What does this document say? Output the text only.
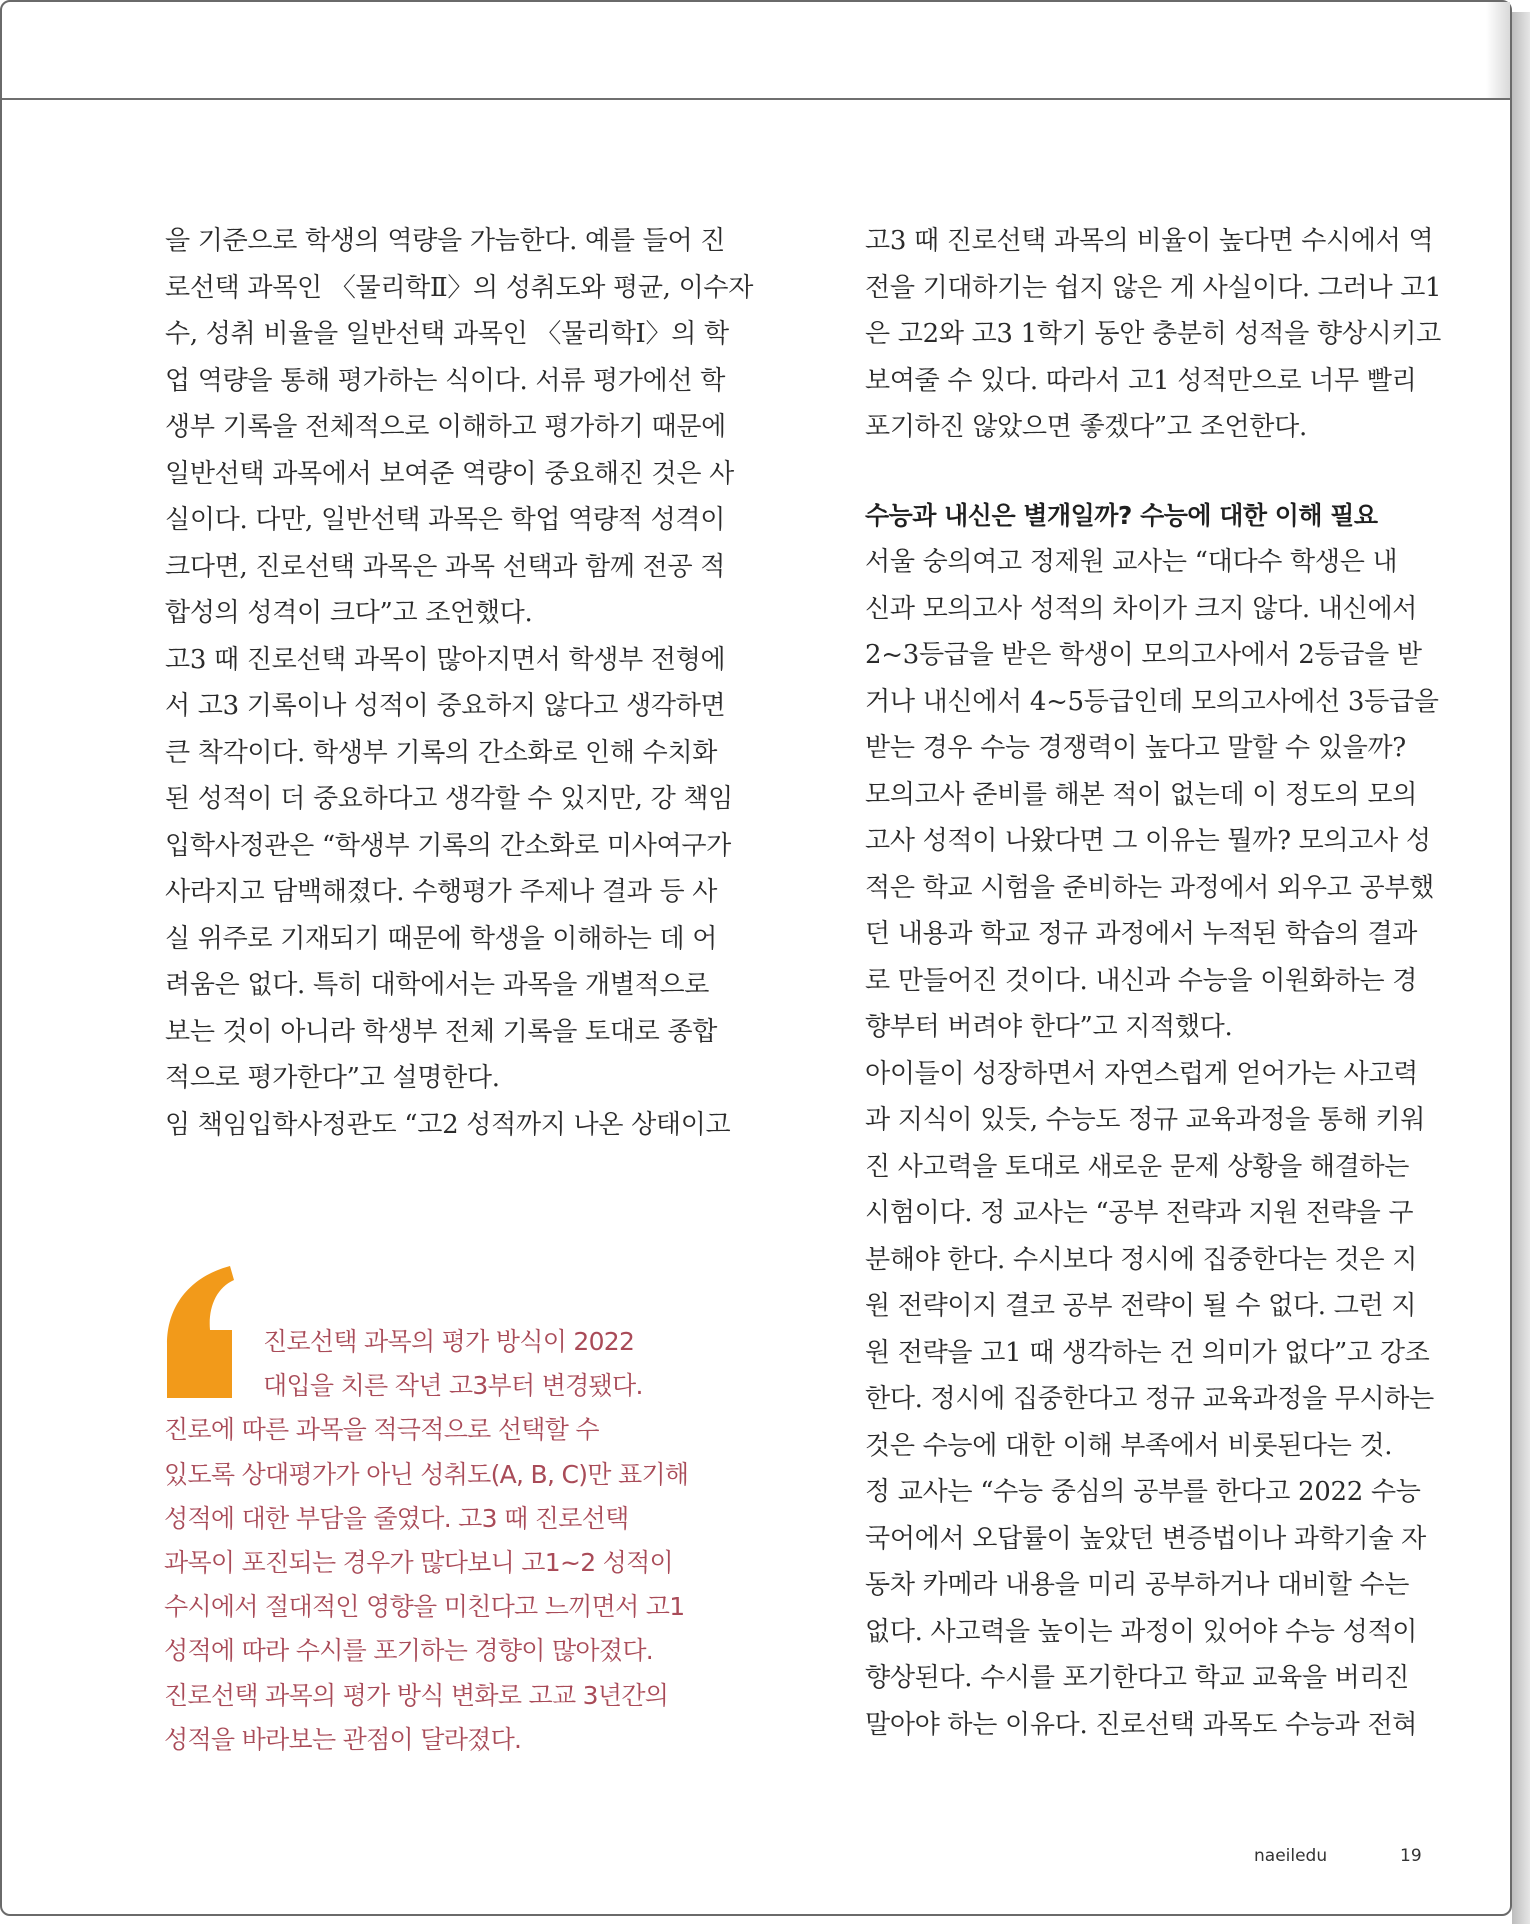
을 기준으로 학생의 역량을 가늠한다. 예를 들어 진

로선택 과목인 〈물리학Ⅱ〉의 성취도와 평균, 이수자

수, 성취 비율을 일반선택 과목인 〈물리학Ⅰ〉의 학

업 역량을 통해 평가하는 식이다. 서류 평가에선 학

생부 기록을 전체적으로 이해하고 평가하기 때문에

일반선택 과목에서 보여준 역량이 중요해진 것은 사

실이다. 다만, 일반선택 과목은 학업 역량적 성격이

크다면, 진로선택 과목은 과목 선택과 함께 전공 적

합성의 성격이 크다”고 조언했다.

고3 때 진로선택 과목이 많아지면서 학생부 전형에

서 고3 기록이나 성적이 중요하지 않다고 생각하면

큰 착각이다. 학생부 기록의 간소화로 인해 수치화

된 성적이 더 중요하다고 생각할 수 있지만, 강 책임

입학사정관은 “학생부 기록의 간소화로 미사여구가

사라지고 담백해졌다. 수행평가 주제나 결과 등 사

실 위주로 기재되기 때문에 학생을 이해하는 데 어

려움은 없다. 특히 대학에서는 과목을 개별적으로

보는 것이 아니라 학생부 전체 기록을 토대로 종합

적으로 평가한다”고 설명한다.

임 책임입학사정관도 “고2 성적까지 나온 상태이고

진로선택 과목의 평가 방식이 2022

대입을 치른 작년 고3부터 변경됐다.

진로에 따른 과목을 적극적으로 선택할 수

있도록 상대평가가 아닌 성취도(A, B, C)만 표기해

성적에 대한 부담을 줄였다. 고3 때 진로선택

과목이 포진되는 경우가 많다보니 고1~2 성적이

수시에서 절대적인 영향을 미친다고 느끼면서 고1

성적에 따라 수시를 포기하는 경향이 많아졌다.

진로선택 과목의 평가 방식 변화로 고교 3년간의

성적을 바라보는 관점이 달라졌다.

고3 때 진로선택 과목의 비율이 높다면 수시에서 역

전을 기대하기는 쉽지 않은 게 사실이다. 그러나 고1

은 고2와 고3 1학기 동안 충분히 성적을 향상시키고

보여줄 수 있다. 따라서 고1 성적만으로 너무 빨리

포기하진 않았으면 좋겠다”고 조언한다.

수능과 내신은 별개일까? 수능에 대한 이해 필요

서울 숭의여고 정제원 교사는 “대다수 학생은 내

신과 모의고사 성적의 차이가 크지 않다. 내신에서

2~3등급을 받은 학생이 모의고사에서 2등급을 받

거나 내신에서 4~5등급인데 모의고사에선 3등급을

받는 경우 수능 경쟁력이 높다고 말할 수 있을까?

모의고사 준비를 해본 적이 없는데 이 정도의 모의

고사 성적이 나왔다면 그 이유는 뭘까? 모의고사 성

적은 학교 시험을 준비하는 과정에서 외우고 공부했

던 내용과 학교 정규 과정에서 누적된 학습의 결과

로 만들어진 것이다. 내신과 수능을 이원화하는 경

향부터 버려야 한다”고 지적했다.

아이들이 성장하면서 자연스럽게 얻어가는 사고력

과 지식이 있듯, 수능도 정규 교육과정을 통해 키워

진 사고력을 토대로 새로운 문제 상황을 해결하는

시험이다. 정 교사는 “공부 전략과 지원 전략을 구

분해야 한다. 수시보다 정시에 집중한다는 것은 지

원 전략이지 결코 공부 전략이 될 수 없다. 그런 지

원 전략을 고1 때 생각하는 건 의미가 없다”고 강조

한다. 정시에 집중한다고 정규 교육과정을 무시하는

것은 수능에 대한 이해 부족에서 비롯된다는 것.

정 교사는 “수능 중심의 공부를 한다고 2022 수능

국어에서 오답률이 높았던 변증법이나 과학기술 자

동차 카메라 내용을 미리 공부하거나 대비할 수는

없다. 사고력을 높이는 과정이 있어야 수능 성적이

향상된다. 수시를 포기한다고 학교 교육을 버리진

말아야 하는 이유다. 진로선택 과목도 수능과 전혀

naeiledu	19
